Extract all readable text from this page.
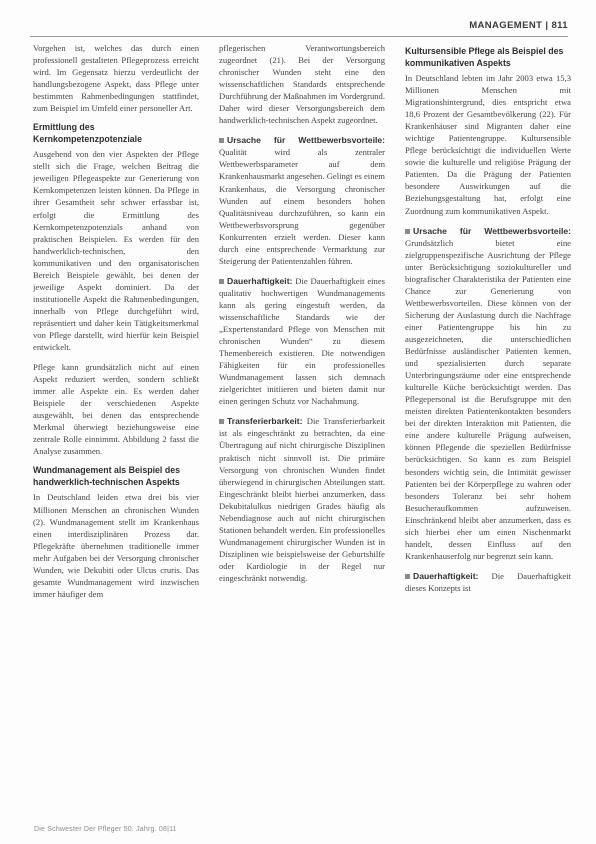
MANAGEMENT | 811

Vorgehen ist, welches das durch einen professionell gestalteten Pflegeprozess erreicht wird. Im Gegensatz hierzu verdeutlicht der handlungsbezogene Aspekt, dass Pflege unter bestimmten Rahmenbedingungen stattfindet, zum Beispiel im Umfeld einer personeller Art.

Ermittlung des Kernkompetenzpotenziale

Ausgehend von den vier Aspekten der Pflege stellt sich die Frage, welchen Beitrag die jeweiligen Pflegeaspekte zur Generierung von Kernkompetenzen leisten können. Da Pflege in ihrer Gesamtheit sehr schwer erfassbar ist, erfolgt die Ermittlung des Kernkompetenzpotenzials anhand von praktischen Beispielen. Es werden für den handwerklich-technischen, den kommunikativen und den organisatorischen Bereich Beispiele gewählt, bei denen der jeweilige Aspekt dominiert. Da der institutionelle Aspekt die Rahmenbedingungen, innerhalb von Pflege durchgeführt wird, repräsentiert und daher kein Tätigkeitsmerkmal von Pflege darstellt, wird hierfür kein Beispiel entwickelt.

Pflege kann grundsätzlich nicht auf einen Aspekt reduziert werden, sondern schließt immer alle Aspekte ein. Es werden daher Beispiele der verschiedenen Aspekte ausgewählt, bei denen das entsprechende Merkmal überwiegt beziehungsweise eine zentrale Rolle einnimmt. Abbildung 2 fasst die Analyse zusammen.

Wundmanagement als Beispiel des handwerklich-technischen Aspekts

In Deutschland leiden etwa drei bis vier Millionen Menschen an chronischen Wunden (2). Wundmanagement stellt im Krankenhaus einen interdisziplinären Prozess dar. Pflegekräfte übernehmen traditionelle immer mehr Aufgaben bei der Versorgung chronischer Wunden, wie Dekubiti oder Ulcus cruris. Das gesamte Wundmanagement wird inzwischen immer häufiger dem

pflegerischen Verantwortungsbereich zugeordnet (21). Bei der Versorgung chronischer Wunden steht eine den wissenschaftlichen Standards entsprechende Durchführung der Maßnahmen im Vordergrund. Daher wird dieser Versorgungsbereich dem handwerklich-technischen Aspekt zugeordnet.

Ursache für Wettbewerbsvorteile: Qualität wird als zentraler Wettbewerbsparameter auf dem Krankenhausmarkt angesehen. Gelingt es einem Krankenhaus, die Versorgung chronischer Wunden auf einem besonders hohen Qualitätsniveau durchzuführen, so kann ein Wettbewerbsvorsprung gegenüber Konkurrenten erzielt werden. Dieser kann durch eine entsprechende Vermarktung zur Steigerung der Patientenzahlen führen.

Dauerhaftigkeit: Die Dauerhaftigkeit eines qualitativ hochwertigen Wundmanagements kann als gering eingestuft werden, da wissenschaftliche Standards wie der „Expertenstandard Pflege von Menschen mit chronischen Wunden“ zu diesem Themenbereich existieren. Die notwendigen Fähigkeiten für ein professionelles Wundmanagement lassen sich demnach zielgerichtet initiieren und bieten damit nur einen geringen Schutz vor Nachahmung.

Transferierbarkeit: Die Transferierbarkeit ist als eingeschränkt zu betrachten, da eine Übertragung auf nicht chirurgische Disziplinen praktisch nicht sinnvoll ist. Die primäre Versorgung von chronischen Wunden findet überwiegend in chirurgischen Abteilungen statt. Eingeschränkt bleibt hierbei anzumerken, dass Dekubitalulkus niedrigen Grades häufig als Nebendiagnose auch auf nicht chirurgischen Stationen behandelt werden. Ein professionelles Wundmanagement chirurgischer Wunden ist in Disziplinen wie beispielsweise der Geburtshilfe oder Kardiologie in der Regel nur eingeschränkt notwendig.

Kultursensible Pflege als Beispiel des kommunikativen Aspekts

In Deutschland lebten im Jahr 2003 etwa 15,3 Millionen Menschen mit Migrationshintergrund, dies entspricht etwa 18,6 Prozent der Gesamtbevölkerung (22). Für Krankenhäuser sind Migranten daher eine wichtige Patientengruppe. Kultursensible Pflege berücksichtigt die individuellen Werte sowie die kulturelle und religiöse Prägung der Patienten. Da die Prägung der Patienten besondere Auswirkungen auf die Beziehungsgestaltung hat, erfolgt eine Zuordnung zum kommunikativen Aspekt.

Ursache für Wettbewerbsvorteile: Grundsätzlich bietet eine zielgruppenspezifische Ausrichtung der Pflege unter Berücksichtigung soziokultureller und biografischer Charakteristika der Patienten eine Chance zur Generierung von Wettbewerbsvorteilen. Diese können von der Sicherung der Auslastung durch die Nachfrage einer Patientengruppe bis hin zu ausgezeichneten, die unterschiedlichen Bedürfnisse ausländischer Patienten kennen, und spezialisierten durch separate Unterbringungsräume oder eine entsprechende kulturelle Küche berücksichtigt werden. Das Pflegepersonal ist die Berufsgruppe mit den meisten direkten Patientenkontakten besonders bei der direkten Interaktion mit Patienten, die eine andere kulturelle Prägung aufweisen, können Pflegende die speziellen Bedürfnisse berücksichtigen. So kann es zum Beispiel besonders wichtig sein, die Intimität gewisser Patienten bei der Körperpflege zu wahren oder besonders Toleranz bei sehr hohem Besucheraufkommen aufzuweisen. Einschränkend bleibt aber anzumerken, dass es sich hierbei eher um einen Nischenmarkt handelt, dessen Einfluss auf den Krankenhauserfolg nur begrenzt sein kann.

Dauerhaftigkeit: Die Dauerhaftigkeit dieses Konzepts ist

Die Schwester Der Pfleger 50. Jahrg. 08|11
